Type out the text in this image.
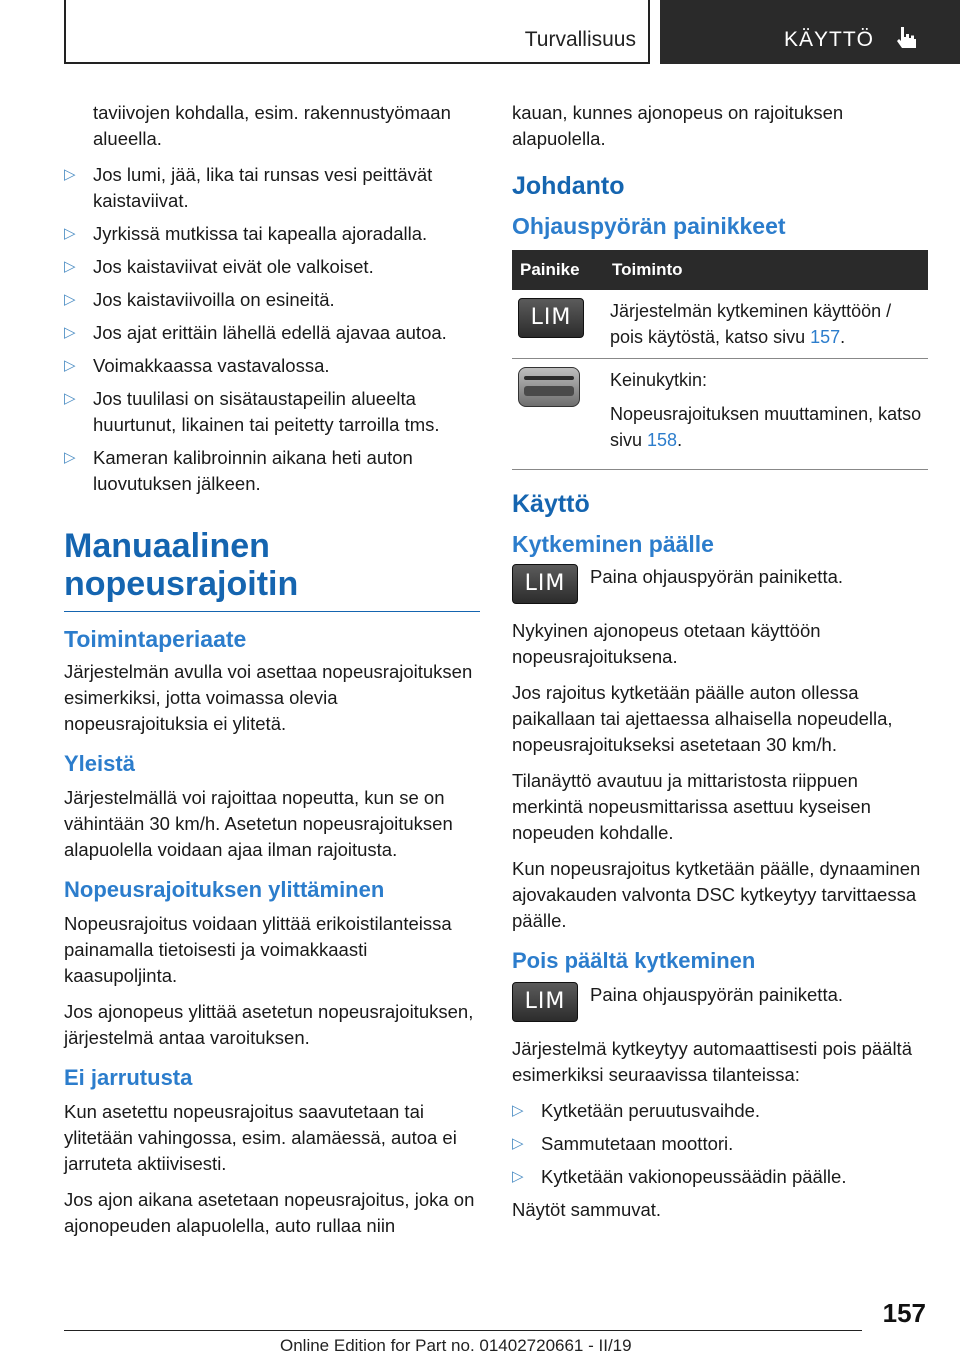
Turvallisuus	KÄYTTÖ

taviivojen kohdalla, esim. rakennustyömaan alueella.

▷ Jos lumi, jää, lika tai runsas vesi peittävät kaistaviivat.
▷ Jyrkissä mutkissa tai kapealla ajoradalla.
▷ Jos kaistaviivat eivät ole valkoiset.
▷ Jos kaistaviivoilla on esineitä.
▷ Jos ajat erittäin lähellä edellä ajavaa autoa.
▷ Voimakkaassa vastavalossa.
▷ Jos tuulilasi on sisätaustapeilin alueelta huurtunut, likainen tai peitetty tarroilla tms.
▷ Kameran kalibroinnin aikana heti auton luovutuksen jälkeen.
Manuaalinen nopeusrajoitin
Toimintaperiaate

Järjestelmän avulla voi asettaa nopeusrajoituksen esimerkiksi, jotta voimassa olevia nopeusrajoituksia ei ylitetä.

Yleistä

Järjestelmällä voi rajoittaa nopeutta, kun se on vähintään 30 km/h. Asetetun nopeusrajoituksen alapuolella voidaan ajaa ilman rajoitusta.

Nopeusrajoituksen ylittäminen

Nopeusrajoitus voidaan ylittää erikoistilanteissa painamalla tietoisesti ja voimakkaasti kaasupoljinta.

Jos ajonopeus ylittää asetetun nopeusrajoituksen, järjestelmä antaa varoituksen.

Ei jarrutusta

Kun asetettu nopeusrajoitus saavutetaan tai ylitetään vahingossa, esim. alamäessä, autoa ei jarruteta aktiivisesti.

Jos ajon aikana asetetaan nopeusrajoitus, joka on ajonopeuden alapuolella, auto rullaa niin

kauan, kunnes ajonopeus on rajoituksen alapuolella.

Johdanto
Ohjauspyörän painikkeet
Painike	Toiminto
LIM	Järjestelmän kytkeminen käyttöön / pois käytöstä, katso sivu 157.

	Keinukytkin:

Nopeusrajoituksen muuttaminen, katso sivu 158.

Käyttö
Kytkeminen päälle
LIM	Paina ohjauspyörän painiketta.

Nykyinen ajonopeus otetaan käyttöön nopeusrajoituksena.

Jos rajoitus kytketään päälle auton ollessa paikallaan tai ajettaessa alhaisella nopeudella, nopeusrajoitukseksi asetetaan 30 km/h.

Tilanäyttö avautuu ja mittaristosta riippuen merkintä nopeusmittarissa asettuu kyseisen nopeuden kohdalle.

Kun nopeusrajoitus kytketään päälle, dynaaminen ajovakauden valvonta DSC kytkeytyy tarvittaessa päälle.

Pois päältä kytkeminen
LIM	Paina ohjauspyörän painiketta.

Järjestelmä kytkeytyy automaattisesti pois päältä esimerkiksi seuraavissa tilanteissa:

▷ Kytketään peruutusvaihde.
▷ Sammutetaan moottori.
▷ Kytketään vakionopeussäädin päälle.

Näytöt sammuvat.

157
Online Edition for Part no. 01402720661 - II/19
